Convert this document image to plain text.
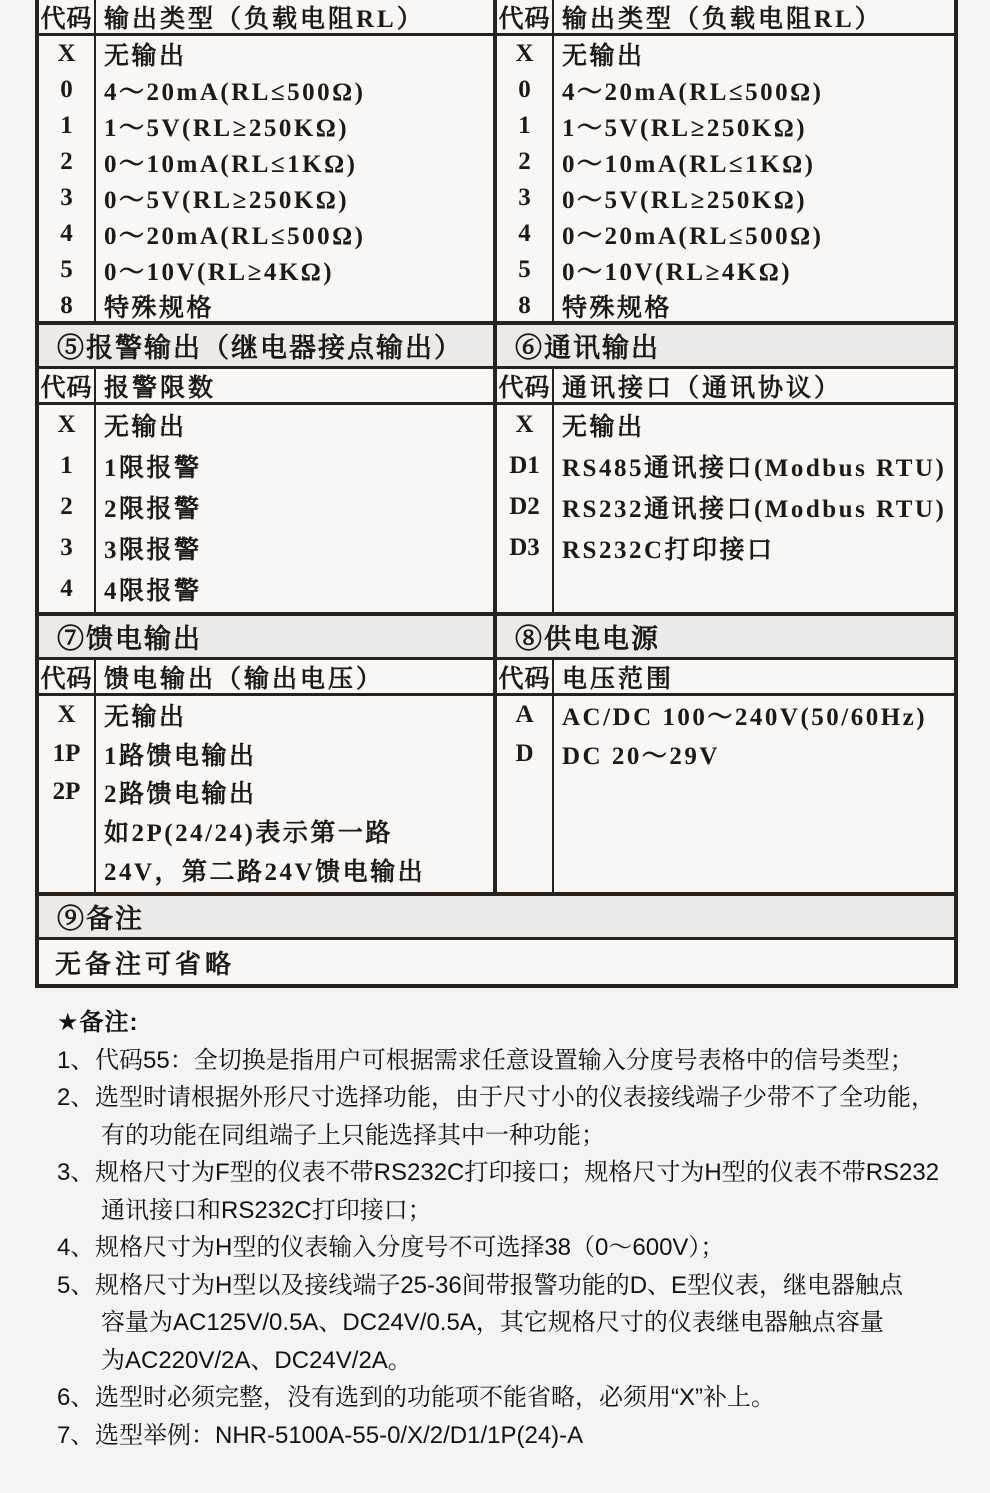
代码 输出类型（负载电阻RL）
X	无输出
0	4～20mA(RL≤500Ω)
1	1～5V(RL≥250KΩ)
2	0～10mA(RL≤1KΩ)
3	0～5V(RL≥250KΩ)
4	0～20mA(RL≤500Ω)
5	0～10V(RL≥4KΩ)
8	特殊规格
代码 输出类型（负载电阻RL）
X	无输出
0	4～20mA(RL≤500Ω)
1	1～5V(RL≥250KΩ)
2	0～10mA(RL≤1KΩ)
3	0～5V(RL≥250KΩ)
4	0～20mA(RL≤500Ω)
5	0～10V(RL≥4KΩ)
8	特殊规格
⑤报警输出（继电器接点输出） ⑥通讯输出
代码 报警限数
X	无输出
1	1限报警
2	2限报警
3	3限报警
4	4限报警
代码 通讯接口（通讯协议）
X	无输出
D1 RS485通讯接口(Modbus RTU)
D2 RS232通讯接口(Modbus RTU)
D3 RS232C打印接口
⑦馈电输出	⑧供电电源
代码 馈电输出（输出电压）
X	无输出
1P 1路馈电输出
2P 2路馈电输出
如2P(24/24)表示第一路
24V，第二路24V馈电输出
代码 电压范围
A	AC/DC 100～240V(50/60Hz)
D	DC 20～29V
⑨备注
无备注可省略
★备注:
1、 代码55：全切换是指用户可根据需求任意设置输入分度号表格中的信号类型；
2、 选型时请根据外形尺寸选择功能，由于尺寸小的仪表接线端子少带不了全功能，
有的功能在同组端子上只能选择其中一种功能；
3、 规格尺寸为F型的仪表不带RS232C打印接口；规格尺寸为H型的仪表不带RS232
通讯接口和RS232C打印接口；
4、 规格尺寸为H型的仪表输入分度号不可选择38（0～600V）；
5、 规格尺寸为H型以及接线端子25-36间带报警功能的D、E型仪表，继电器触点
容量为AC125V/0.5A、DC24V/0.5A，其它规格尺寸的仪表继电器触点容量
为AC220V/2A、DC24V/2A。
6、 选型时必须完整，没有选到的功能项不能省略，必须用“X”补上。
7、 选型举例：NHR-5100A-55-0/X/2/D1/1P(24)-A
